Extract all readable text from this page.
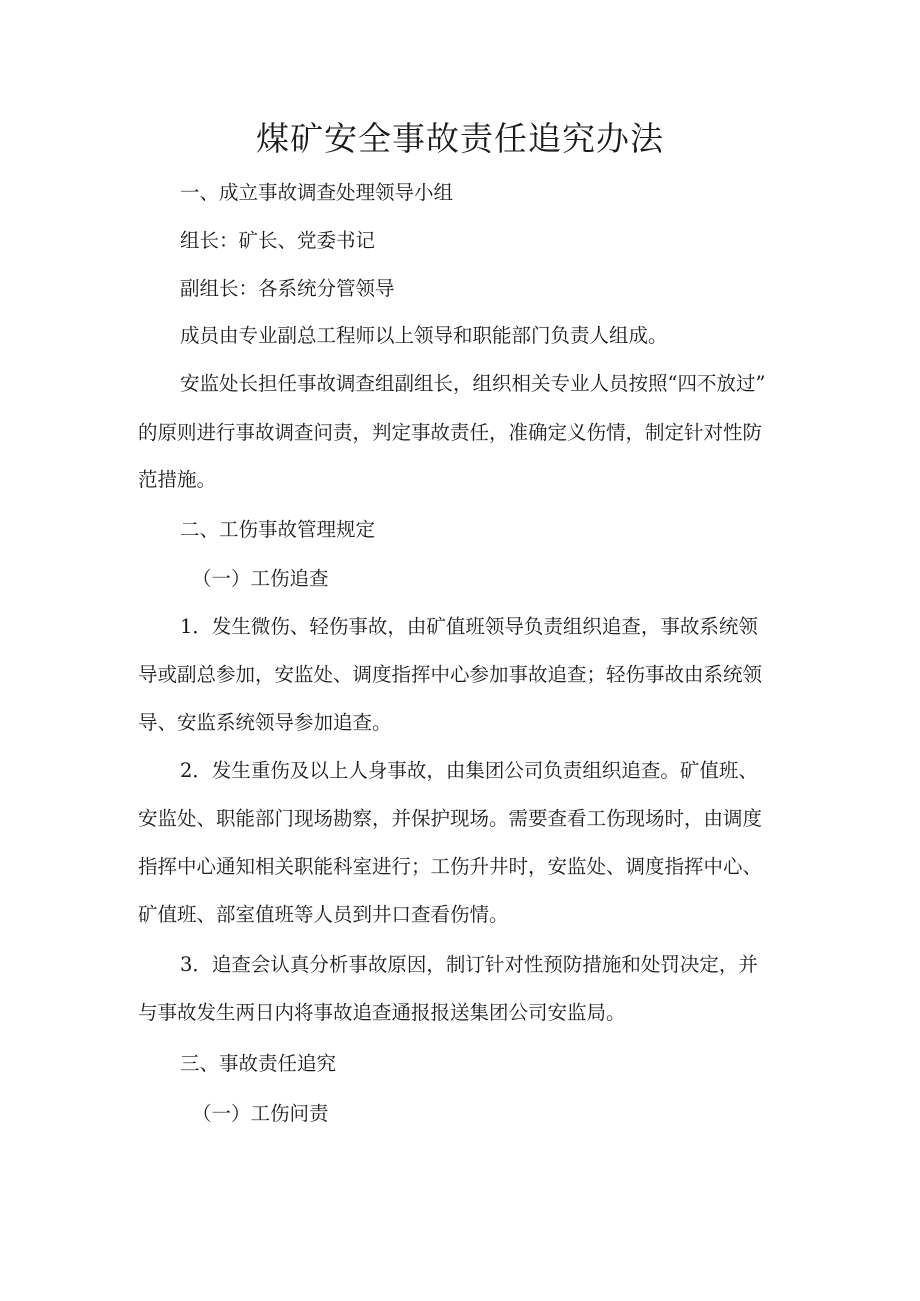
煤矿安全事故责任追究办法
一、成立事故调查处理领导小组
组长：矿长、党委书记
副组长：各系统分管领导
成员由专业副总工程师以上领导和职能部门负责人组成。
安监处长担任事故调查组副组长，组织相关专业人员按照“四不放过”
的原则进行事故调查问责，判定事故责任，准确定义伤情，制定针对性防
范措施。
二、工伤事故管理规定
（一）工伤追查
1．发生微伤、轻伤事故，由矿值班领导负责组织追查，事故系统领
导或副总参加，安监处、调度指挥中心参加事故追查；轻伤事故由系统领
导、安监系统领导参加追查。
2．发生重伤及以上人身事故，由集团公司负责组织追查。矿值班、
安监处、职能部门现场勘察，并保护现场。需要查看工伤现场时，由调度
指挥中心通知相关职能科室进行；工伤升井时，安监处、调度指挥中心、
矿值班、部室值班等人员到井口查看伤情。
3．追查会认真分析事故原因，制订针对性预防措施和处罚决定，并
与事故发生两日内将事故追查通报报送集团公司安监局。
三、事故责任追究
（一）工伤问责
